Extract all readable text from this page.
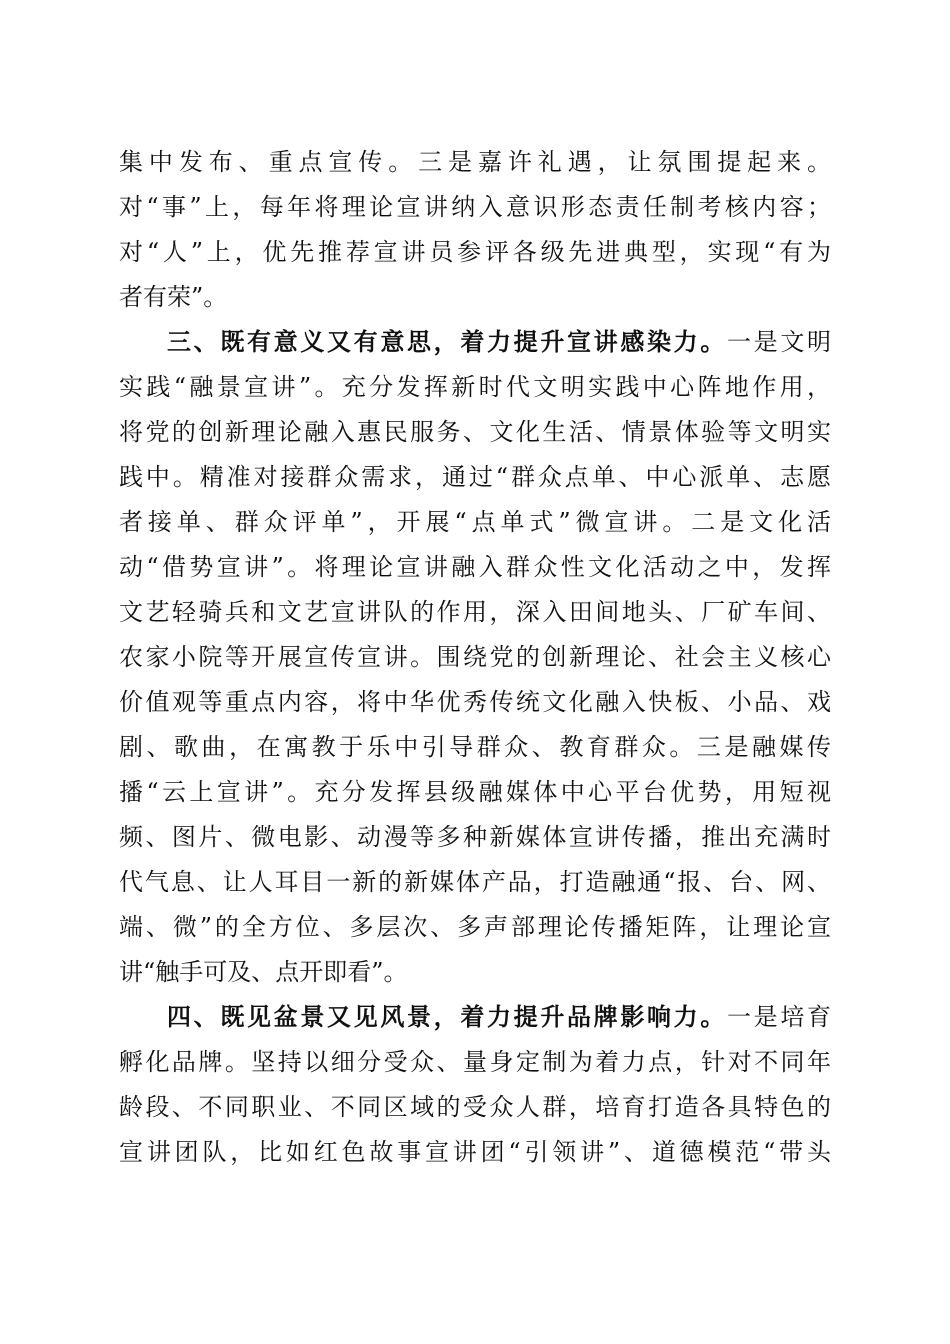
集中发布、重点宣传。三是嘉许礼遇，让氛围提起来。
对“事”上，每年将理论宣讲纳入意识形态责任制考核内容；
对“人”上，优先推荐宣讲员参评各级先进典型，实现“有为
者有荣”。
三、既有意义又有意思，着力提升宣讲感染力。一是文明
实践“融景宣讲”。充分发挥新时代文明实践中心阵地作用，
将党的创新理论融入惠民服务、文化生活、情景体验等文明实
践中。精准对接群众需求，通过“群众点单、中心派单、志愿
者接单、群众评单”，开展“点单式”微宣讲。二是文化活
动“借势宣讲”。将理论宣讲融入群众性文化活动之中，发挥
文艺轻骑兵和文艺宣讲队的作用，深入田间地头、厂矿车间、
农家小院等开展宣传宣讲。围绕党的创新理论、社会主义核心
价值观等重点内容，将中华优秀传统文化融入快板、小品、戏
剧、歌曲，在寓教于乐中引导群众、教育群众。三是融媒传
播“云上宣讲”。充分发挥县级融媒体中心平台优势，用短视
频、图片、微电影、动漫等多种新媒体宣讲传播，推出充满时
代气息、让人耳目一新的新媒体产品，打造融通“报、台、网、
端、微”的全方位、多层次、多声部理论传播矩阵，让理论宣
讲“触手可及、点开即看”。
四、既见盆景又见风景，着力提升品牌影响力。一是培育
孵化品牌。坚持以细分受众、量身定制为着力点，针对不同年
龄段、不同职业、不同区域的受众人群，培育打造各具特色的
宣讲团队，比如红色故事宣讲团“引领讲”、道德模范“带头
